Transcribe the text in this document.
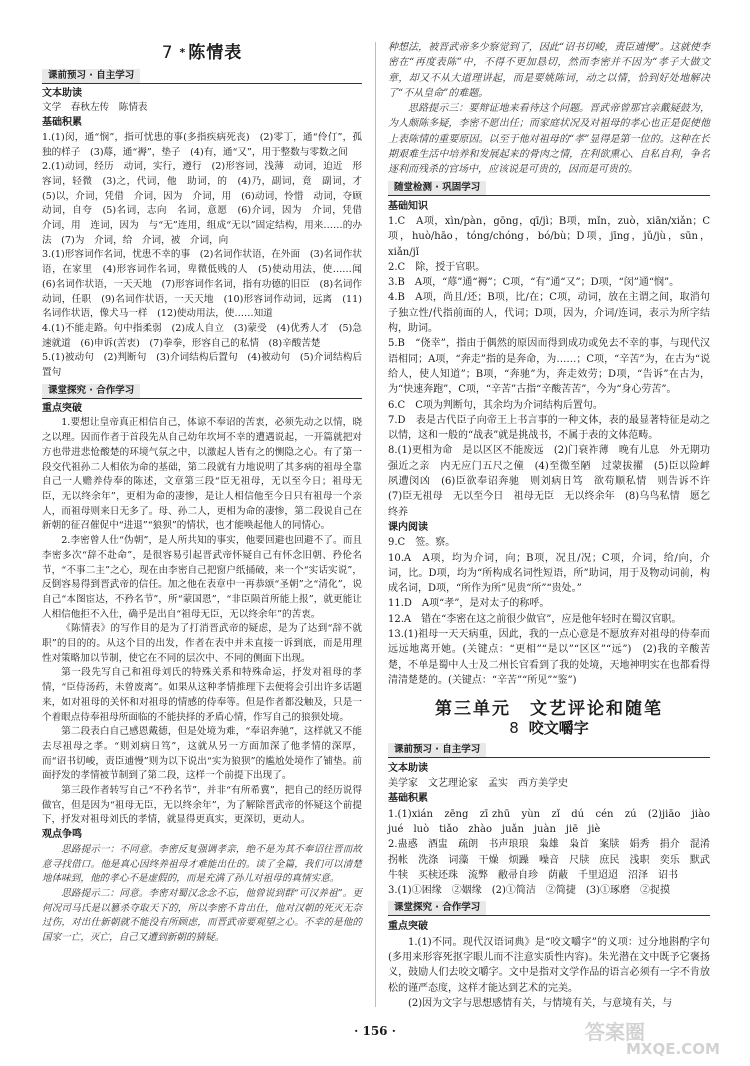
7 * 陈情表
课前预习 · 自主学习

文本助读

文学　春秋左传　陈情表

基础积累

1.(1)闵，通“悯”，指可忧患的事(多指疾病死丧)　(2)零丁，通“伶仃”，孤独的样子　(3)蓐，通“褥”，垫子　(4)有，通“又”，用于整数与零数之间

2.(1)动词，经历　动词，实行，遵行　(2)形容词，浅薄　动词，迫近　形容词，轻微　(3)之，代词，他　助词，的　(4)乃，副词，竟　副词，才　(5)以，介词，凭借　介词，因为　介词，用　(6)动词，怜惜　动词，夺顾　动词，自夸　(5)名词，志向　名词，意愿　(6)介词，因为　介词，凭借　介词，用　连词，因为　与“无”连用，组成“无以”固定结构，用来……的办法　(7)为　介词，给　介词，被　介词，向

3.(1)形容词作名词，忧患不幸的事　(2)名词作状语，在外面　(3)名词作状语，在家里　(4)形容词作名词，卑微低贱的人　(5)使动用法，使……闻　(6)名词作状语，一天天地　(7)形容词作名词，指有功德的旧臣　(8)名词作动词，任职　(9)名词作状语，一天天地　(10)形容词作动词，远离　(11)名词作状语，像犬马一样　(12)使动用法，使……知道

4.(1)不能走路。句中指柔弱　(2)成人自立　(3)蒙受　(4)优秀人才　(5)急速就道　(6)申诉(苦衷)　(7)拳拳，形容自己的私情　(8)辛酸苦楚

5.(1)被动句　(2)判断句　(3)介词结构后置句　(4)被动句　(5)介词结构后置句

课堂探究 · 合作学习

重点突破

1.要想让皇帝真正相信自己，体谅不奉诏的苦衷，必须先动之以情，晓之以理。因而作者于首段先从自己幼年坎坷不幸的遭遇说起，一开篇就把对方也带进悲怆酸楚的环境气氛之中，以激起人皆有之的恻隐之心。有了第一段交代祖孙二人相依为命的基础，第二段就有力地说明了其多病的祖母全靠自己一人赡养侍奉的陈述，文章第三段“臣无祖母，无以至今日；祖母无臣，无以终余年”，更相为命的凄惨，是让人相信他至今日只有祖母一个亲人，而祖母则来日无多了。母、孙二人，更相为命的凄惨，第二段说自己在新朝的征召催促中“进退”“狼狈”的情状，也才能唤起他人的同情心。

2.李密曾人仕“伪朝”，是人所共知的事实，他要回避也回避不了。而且李密多次“辞不赴命”，是很容易引起晋武帝怀疑自己有怀念旧朝、矜伦名节，“不事二主”之心，现在由李密自己把窗户纸捅破，来一个“实话实说”，反倒容易得到晋武帝的信任。加之他在表章中一再恭颂“圣朝”之“清化”，说自己“本图宦达，不矜名节”，所“蒙国恩”，“非臣陨首所能上报”，就更能让人相信他拒不入仕，确乎是出自“祖母无臣，无以终余年”的苦衷。

《陈情表》的写作目的是为了打消晋武帝的疑虑，是为了达到“辞不就职”的目的的。从这个目的出发，作者在表中并未直接一诉到底，而是用理性对策略加以节制，使它在不同的层次中、不同的侧面下出现。

第一段先写自己和祖母刘氏的特殊关系和特殊命运，抒发对祖母的孝情，“臣侍汤药，未曾废离”。如果从这种孝情推理下去便将会引出许多话题来，如对祖母的关怀和对祖母的情感的侍奉等。但是作者都没触及，只是一个着眼点侍奉祖母所面临的不能抉择的矛盾心情，作写自己的狼狈处境。

第二段表白自己感恩戴德，但是处境为难，“奉诏奔驰”，这样就又不能去尽祖母之孝。“则刘病日笃”，这就从另一方面加深了他孝情的深厚，而“诏书切峻，责臣逋慢”则为以下说出“实为狼狈”的尴尬处境作了铺垫。前面抒发的孝情被节制到了第二段，这样一个前提下出现了。

第三段作者转写自己“不矜名节”，并非“有所希冀”，把自己的经历说得做官，但是因为“祖母无臣，无以终余年”，为了解除晋武帝的怀疑这个前提下，抒发对祖母刘氏的孝情，就显得更真实，更深切，更动人。

观点争鸣

思路提示一：不同意。李密反复强调孝亲，绝不是为其不奉诏往晋而故意寻找借口。他是真心因终养祖母才难能出仕的。读了全篇，我们可以清楚地体味到，他的孝心不是虚假的，而是充满了孙儿对祖母的真情实意。

思路提示二：同意。李密对蜀汉念念不忘，他曾说到群“可汉养祖”。更何况司马氏是以篡杀夺取天下的，所以李密不肯出仕，他对汉朝的死灭无奈过伤，对出仕新朝就不能没有所顾虑，而晋武帝要观望之心。不幸的是他的国家一亡，灭亡，自己又遭到新朝的猜疑。

种想法，被晋武帝多少察觉到了，因此“诏书切峻，责臣逋慢”。这就使李密在“再度表陈”中，不得不更加恳切，然而李密并不因为“孝子大做文章，却又不从大道理讲起，而是要姚陈词，动之以情，恰到好处地解决了“不从皇命”的难题。

思路提示三：要辩证地来看待这个问题。晋武帝曾那官亲戴疑鼓为，为人颇陈多疑，李密不愿出任；而家庭状况及对祖母的孝心也正是促使他上表陈情的重要原因。以至于他对祖母的“孝”显得是第一位的。这种在长期艰难生活中培养和发展起来的骨肉之情，在利欲熏心、自私自利，争名逐利而残杀的官场中，应该说是可贵的，因而是可贵的。

随堂检测 · 巩固学习

基础知识

1.C　A项，xìn/pàn，gōng，qī/jì；B项，mǐn，zuò，xiān/xiǎn；C项，huò/hāo，tóng/chóng，bó/bù；D项，jīng，jǔ/jù，sūn，xiǎn/jǐ

2.C　除，授于官职。

3.B　A项，“蓐”通“褥”；C项，“有”通“又”；D项，“闵”通“悯”。

4.B　A项，尚且/还；B项，比/在；C项，动词，放在主谓之间，取消句子独立性/代指前面的人，代词；D项，因为，介词/连词，表示为所字结构，助词。

5.B　“侥幸”，指由于偶然的原因而得到成功或免去不幸的事，与现代汉语相同；A项，“奔走”指的是奔命，为……；C项，“辛苦”为，在古为“说给人，使人知道”；B项，“奔驰”为，奔走效劳；D项，“告诉”在古为，为“快速奔跑”，C项，“辛苦”古指“辛酸苦苦”，今为“身心劳苦”。

6.C　C项为判断句，其余均为介词结构后置句。

7.D　表是古代臣子向帝王上书言事的一种文体，表的最显著特征是动之以情，这和一般的“战表”就是挑战书，不属于表的文体范畴。

8.(1)更相为命　是以区区不能废远　(2)门衰祚薄　晚有儿息　外无期功强近之亲　内无应门五尺之僮　(4)至微至陋　过蒙拔擢　(5)臣以险衅　夙遭闵凶　(6)臣欲奉诏奔驰　则刘病日笃　欲苟顺私情　则告诉不许　(7)臣无祖母　无以至今日　祖母无臣　无以终余年　(8)乌鸟私情　愿乞终养

课内阅读

9.C　签。察。

10.A　A项，均为介词，向；B项，况且/况；C项，介词，给/向，介词，比。D项，均为“所构成名词性短语，所”助词，用于及物动词前，构成名词，D项，“所作为所”见贵“所”“贵处。”

11.D　A项“孝”，是对太子的称呼。

12.A　错在“李密在这之前很少做官”，应是他年轻时在蜀汉官职。

13.(1)祖母一天天病重，因此，我的一点心意是不愿放弃对祖母的侍奉而远远地离开她。(关键点：“更相”“是以”“区区”“远”)　(2)我的辛酸苦楚，不单是蜀中人士及二州长官看到了我的处境，天地神明实在也都看得清清楚楚的。(关键点：“辛苦”“所见”“鉴”)

第三单元　文艺评论和随笔
8 咬文嚼字
课前预习 · 自主学习

文本助读

美学家　文艺理论家　孟实　西方美学史

基础积累

1.(1)xián　zēng　zī zhū　yùn　zǐ　dú　cén　zú　(2)jiāo　jiào　jué　luò　tiǎo　zhào　juǎn　juàn　jiē　jiè

2.蛊惑　酒盅　疏朗　书声琅琅　枭雄　枭首　案牍　娟秀　捐介　混淆　拐帐　洗涤　词藻　干燥　烦躁　噪音　尺牍　庶民　浅职　奕乐　默武　牛犊　买椟还珠　流弊　敝帚自珍　荫蔽　千里迢迢　沼泽　诏书

3.(1)①困缘　②姻缘　(2)①简洁　②简捷　(3)①琢磨　②捉摸

课堂探究 · 合作学习

重点突破

1.(1)不同。现代汉语词典》是“咬文嚼字”的义项：过分地斟酌字句(多用来形容死抠字眼儿而不注意实质性内容)。朱光潜在文中既予它褒扬义，鼓励人们去咬文嚼字。文中是指对文学作品的语言必须有一字不肯放松的谨严态度，这样才能达到艺术的完美。

(2)因为文字与思想感情有关，与情境有关，与意境有关，与

· 156 ·	答案圈
MXQE.COM
